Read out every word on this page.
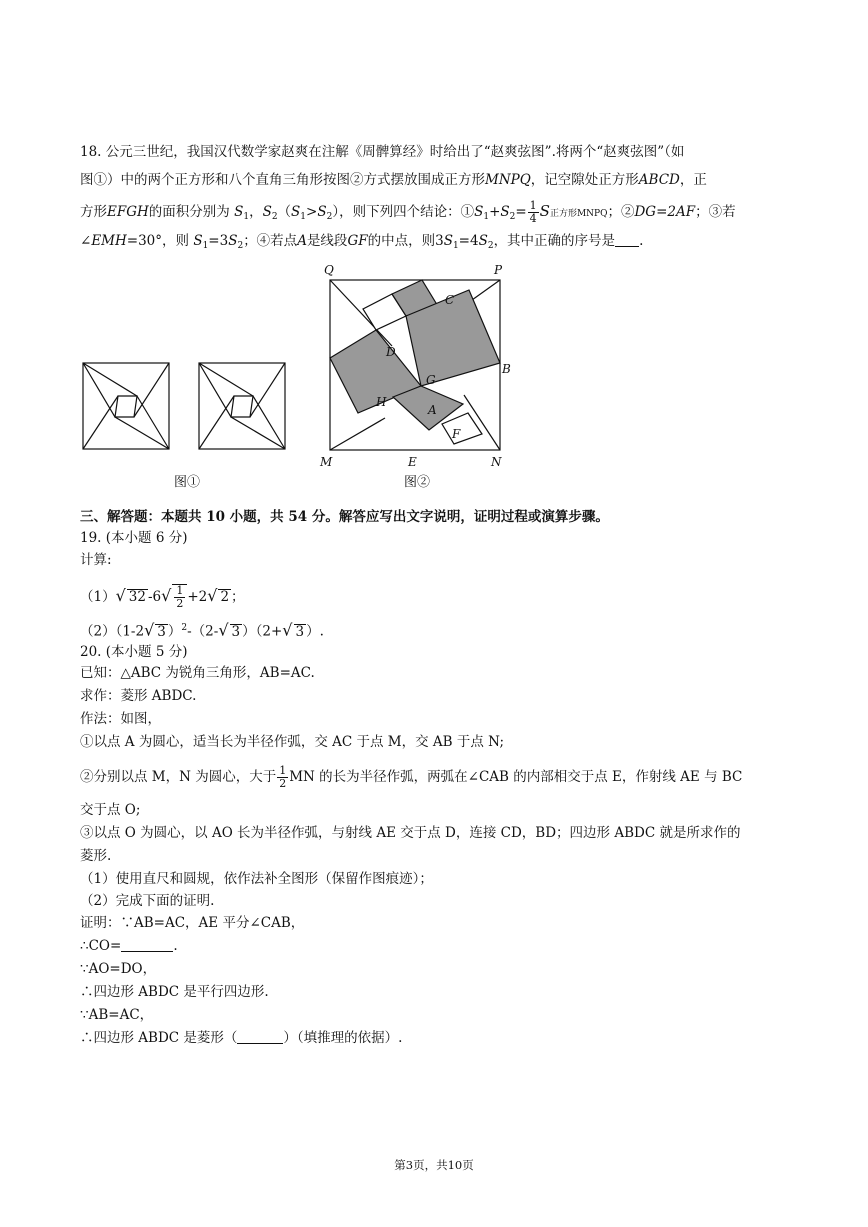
18. 公元三世纪，我国汉代数学家赵爽在注解《周髀算经》时给出了“赵爽弦图”.将两个“赵爽弦图”（如
图①）中的两个正方形和八个直角三角形按图②方式摆放围成正方形MNPQ，记空隙处正方形ABCD，正
方形EFGH的面积分别为 $S_1$，$S_2(S_1>S_2)$，则下列四个结论：$①S_1+S_2= \frac{1}{4}$ S正方形MNPQ；②DG=2AF；③若
∠EMH=30°，则 $S_1=3S_2$；④若点A是线段GF的中点，则$3S_1=4S_2$，其中正确的序号是 .
图①
Q	P
C
D
B
G
H
A
F
M	E	N
图②
三、解答题：本题共 10 小题，共 54 分。解答应写出文字说明，证明过程或演算步骤。
19. (本小题 6 分)
计算:
（1）√ 32 $-6√ \frac{1}{2} +2√$ 2 ；
（2）（1-2√ 3 ）$^2$-（2-√ 3 ）（2+√ 3 ）.
20. (本小题 5 分)
已知：△ABC 为锐角三角形，AB=AC.
求作：菱形 ABDC.
作法：如图，
①以点 A 为圆心，适当长为半径作弧，交 AC 于点 M，交 AB 于点 N;
②分别以点 M，N 为圆心，大于 $\frac{1}{2}$ MN 的长为半径作弧，两弧在∠CAB 的内部相交于点 E，作射线 AE 与 BC
交于点 O;
③以点 O 为圆心，以 AO 长为半径作弧，与射线 AE 交于点 D，连接 CD，BD；四边形 ABDC 就是所求作的
菱形.
（1）使用直尺和圆规，依作法补全图形（保留作图痕迹）；
（2）完成下面的证明.
证明：∵AB=AC，AE 平分∠CAB，
∴CO=	.
∵AO=DO，
∴四边形 ABDC 是平行四边形.
∵AB=AC，
∴四边形 ABDC 是菱形（	）（填推理的依据）.
第3页，共10页
